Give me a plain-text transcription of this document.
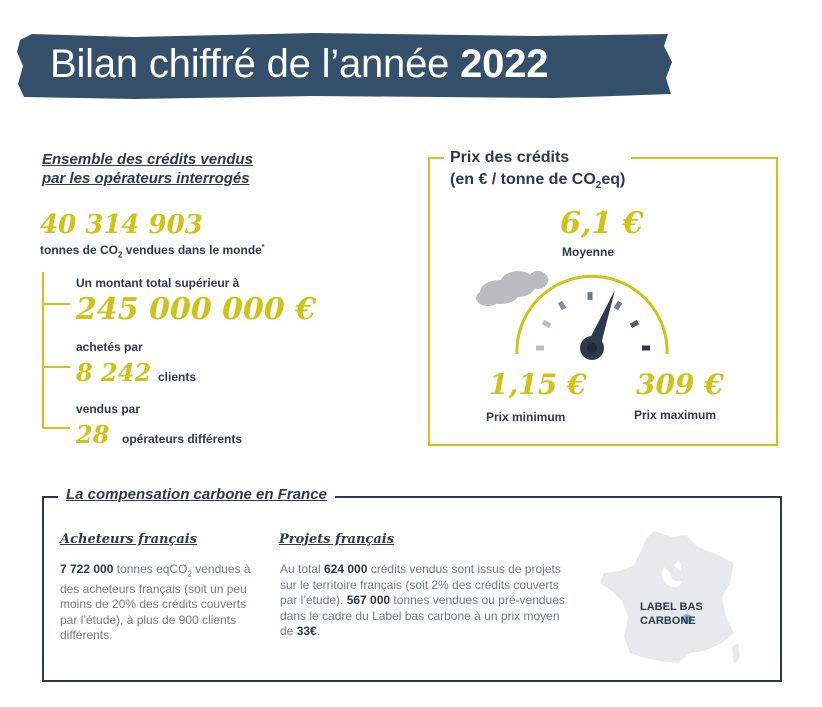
Bilan chiffré de l’année 2022
Ensemble des crédits vendus
par les opérateurs interrogés
40 314 903
tonnes de $CO_2$ vendues dans le monde*
Un montant total supérieur à
245 000 000 €
achetés par
8 242 clients
vendus par
28 opérateurs différents
Prix des crédits
(en € / tonne de $CO_2eq$)
6,1 €
Moyenne
1,15 €
Prix minimum
309 €
Prix maximum
La compensation carbone en France
Acheteurs français
7 722 000 tonnes eqCO$_2$ vendues à des acheteurs français (soit un peu moins de 20% des crédits couverts par l’étude), à plus de 900 clients différents.
Projets français
Au total 624 000 crédits vendus sont issus de projets sur le territoire français (soit 2% des crédits couverts par l’étude). 567 000 tonnes vendues ou pré-vendues dans le cadre du Label bas carbone à un prix moyen de 33€.
LABEL BAS
CARBONE
